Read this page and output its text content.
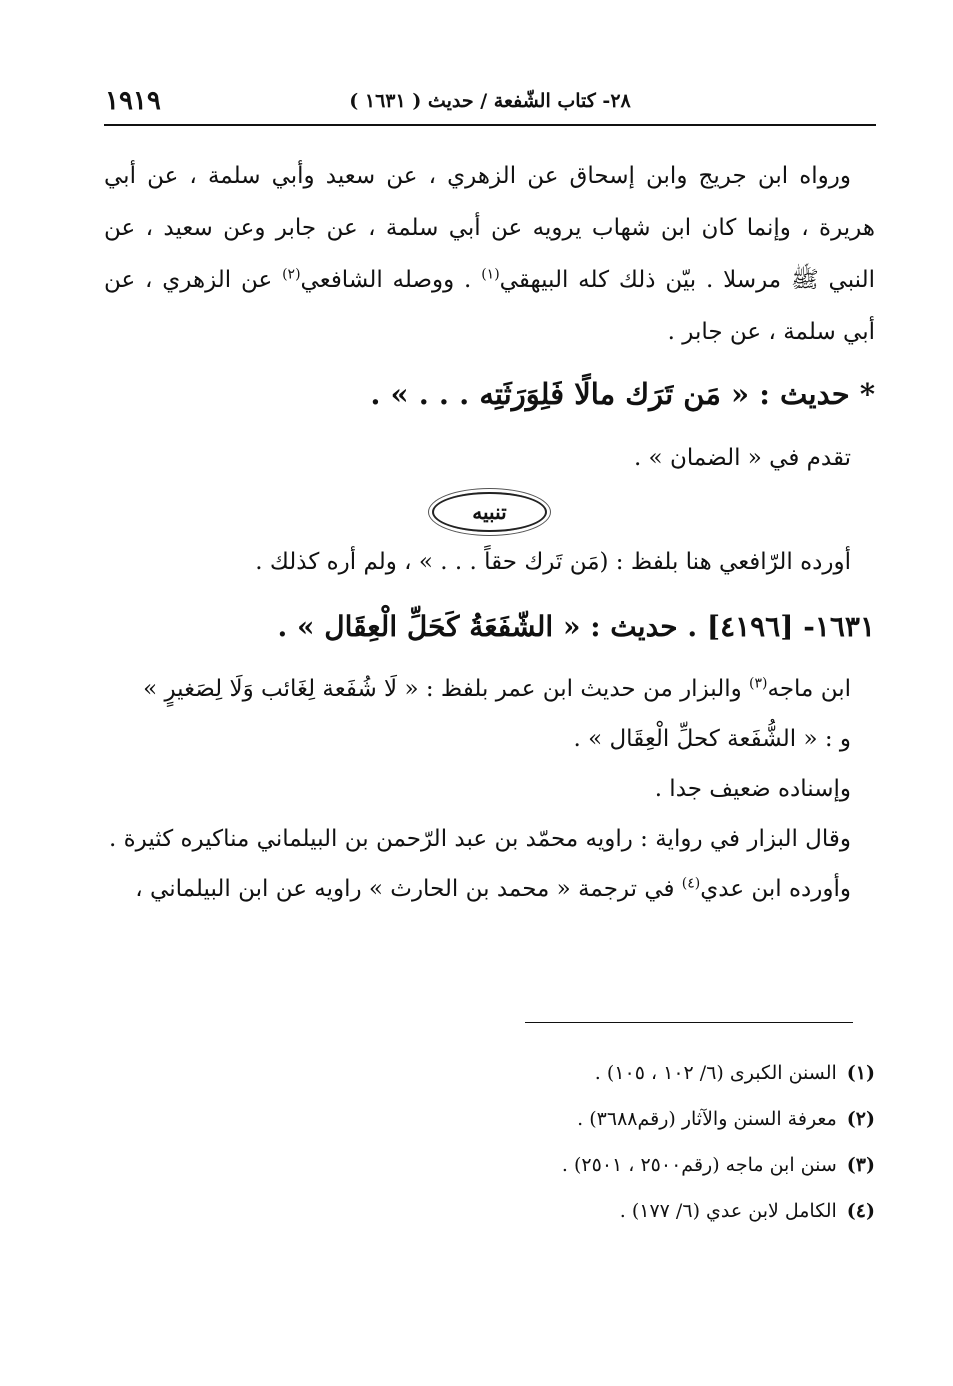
١٩١٩	٢٨- كتاب الشّفعة / حديث ( ١٦٣١ )

ورواه ابن جريج وابن إسحاق عن الزهري ، عن سعيد وأبي سلمة ، عن أبي هريرة ، وإنما كان ابن شهاب يرويه عن أبي سلمة ، عن جابر وعن سعيد ، عن النبي ﷺ مرسلا . بيّن ذلك كله البيهقي$^{(١)}$ . ووصله الشافعي$^{(٢)}$ عن الزهري ، عن أبي سلمة ، عن جابر .

* حديث : « مَن تَرَك مالًا فَلِوَرَثَتِه . . . » .

تقدم في « الضمان » .

تنبيه

أورده الرّافعي هنا بلفظ : (مَن تَرك حقاً . . . » ، ولم أره كذلك .

١٦٣١- [٤١٩٦] . حديث : « الشّفَعَةُ كَحَلِّ الْعِقَال » .

ابن ماجه$^{(٣)}$ والبزار من حديث ابن عمر بلفظ : « لَا شُفَعة لِغَائب وَلَا لِصَغيرٍ »

و : « الشُّفَعة كحلِّ الْعِقَال » .

وإسناده ضعيف جدا .

وقال البزار في رواية : راويه محمّد بن عبد الرّحمن بن البيلماني مناكيره كثيرة .

وأورده ابن عدي$^{(٤)}$ في ترجمة « محمد بن الحارث » راويه عن ابن البيلماني ،

(١)
السنن الكبرى (٦/ ١٠٢ ، ١٠٥) .
(٢)
معرفة السنن والآثار (رقم٣٦٨٨) .
(٣)
سنن ابن ماجه (رقم٢٥٠٠ ، ٢٥٠١) .
(٤)
الكامل لابن عدي (٦/ ١٧٧) .
